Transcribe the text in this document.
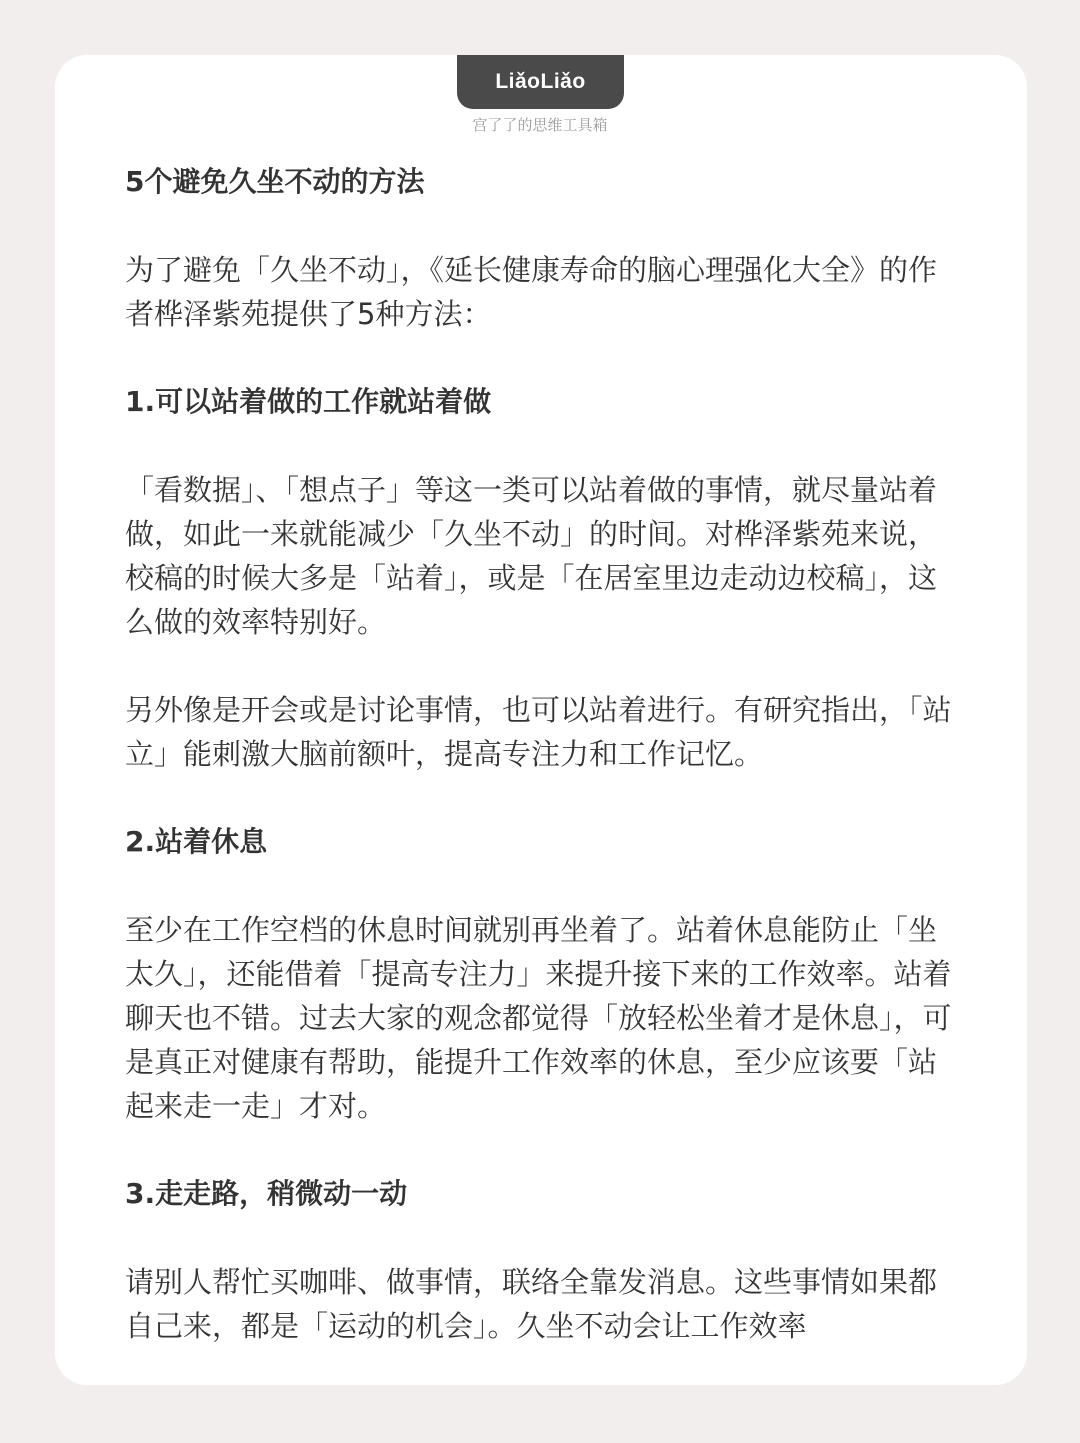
LiǎoLiǎo
宫了了的思维工具箱

5个避免久坐不动的方法

为了避免「久坐不动」，《延长健康寿命的脑心理强化大全》的作者桦泽紫苑提供了5种方法：

1.可以站着做的工作就站着做

「看数据」、「想点子」等这一类可以站着做的事情，就尽量站着做，如此一来就能减少「久坐不动」的时间。对桦泽紫苑来说，校稿的时候大多是「站着」，或是「在居室里边走动边校稿」，这么做的效率特别好。

另外像是开会或是讨论事情，也可以站着进行。有研究指出，「站立」能刺激大脑前额叶，提高专注力和工作记忆。

2.站着休息

至少在工作空档的休息时间就别再坐着了。站着休息能防止「坐太久」，还能借着「提高专注力」来提升接下来的工作效率。站着聊天也不错。过去大家的观念都觉得「放轻松坐着才是休息」，可是真正对健康有帮助，能提升工作效率的休息，至少应该要「站起来走一走」才对。

3.走走路，稍微动一动

请别人帮忙买咖啡、做事情，联络全靠发消息。这些事情如果都自己来，都是「运动的机会」。久坐不动会让工作效率
